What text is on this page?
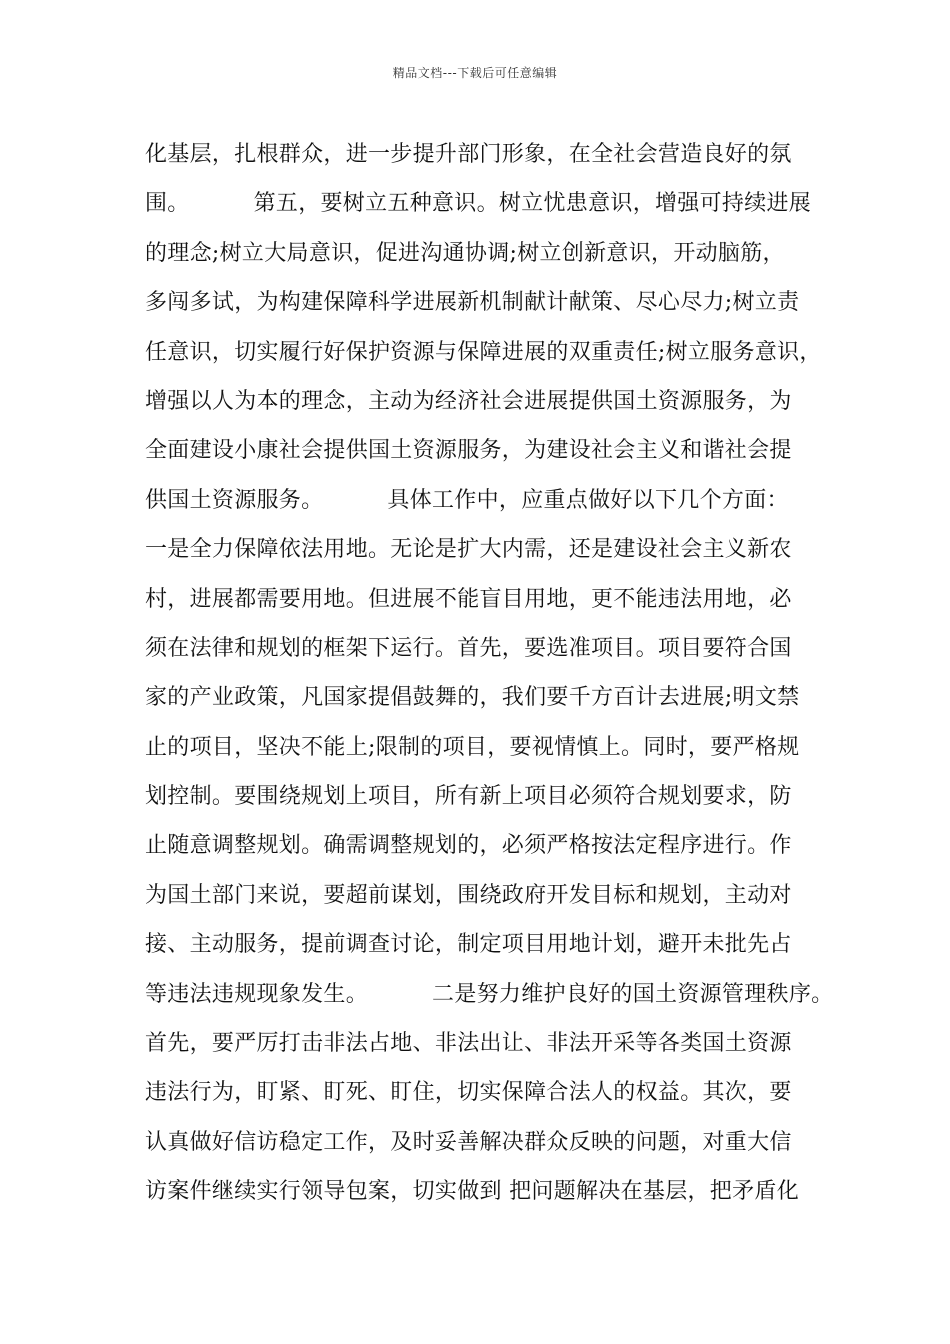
精品文档---下载后可任意编辑
化基层，扎根群众，进一步提升部门形象，在全社会营造良好的氛
围。	第五，要树立五种意识。树立忧患意识，增强可持续进展
的理念;树立大局意识，促进沟通协调;树立创新意识，开动脑筋，
多闯多试，为构建保障科学进展新机制献计献策、尽心尽力;树立责
任意识，切实履行好保护资源与保障进展的双重责任;树立服务意识，
增强以人为本的理念，主动为经济社会进展提供国土资源服务，为
全面建设小康社会提供国土资源服务，为建设社会主义和谐社会提
供国土资源服务。	具体工作中，应重点做好以下几个方面：
一是全力保障依法用地。无论是扩大内需，还是建设社会主义新农
村，进展都需要用地。但进展不能盲目用地，更不能违法用地，必
须在法律和规划的框架下运行。首先，要选准项目。项目要符合国
家的产业政策，凡国家提倡鼓舞的，我们要千方百计去进展;明文禁
止的项目，坚决不能上;限制的项目，要视情慎上。同时，要严格规
划控制。要围绕规划上项目，所有新上项目必须符合规划要求，防
止随意调整规划。确需调整规划的，必须严格按法定程序进行。作
为国土部门来说，要超前谋划，围绕政府开发目标和规划，主动对
接、主动服务，提前调查讨论，制定项目用地计划，避开未批先占
等违法违规现象发生。	二是努力维护良好的国土资源管理秩序。
首先，要严厉打击非法占地、非法出让、非法开采等各类国土资源
违法行为，盯紧、盯死、盯住，切实保障合法人的权益。其次，要
认真做好信访稳定工作，及时妥善解决群众反映的问题，对重大信
访案件继续实行领导包案，切实做到 把问题解决在基层，把矛盾化
